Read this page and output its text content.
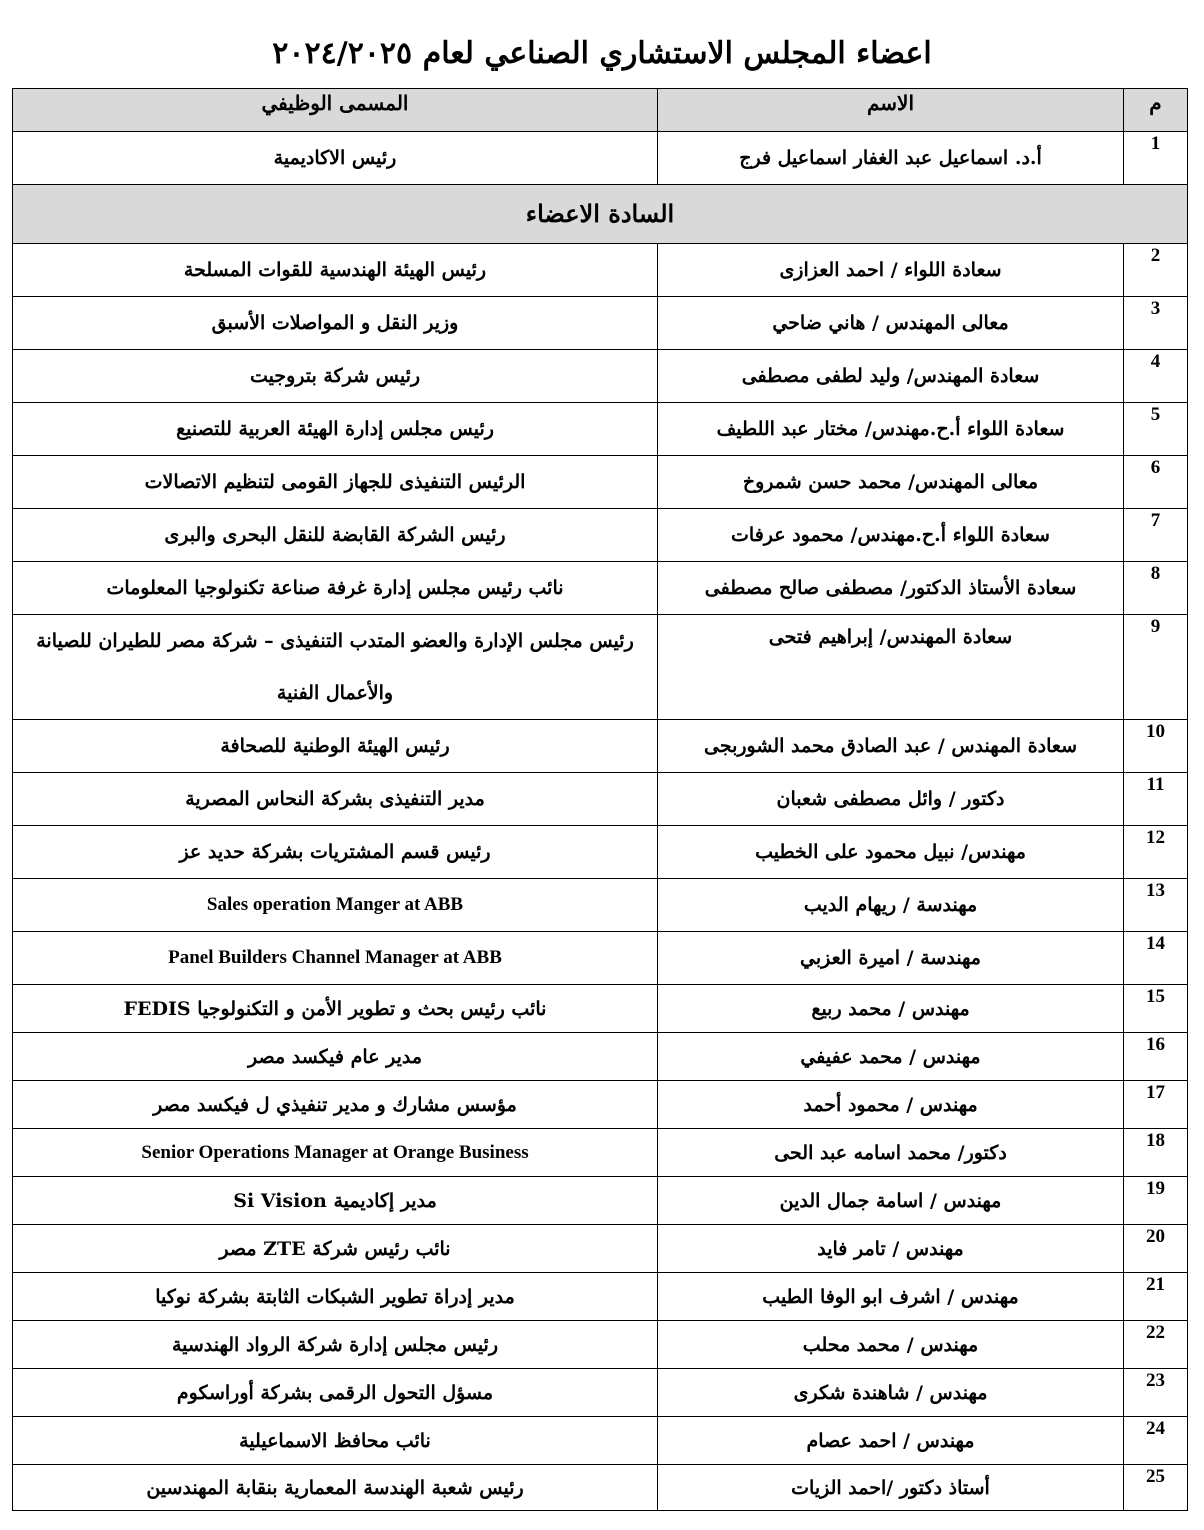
اعضاء المجلس الاستشاري الصناعي لعام ٢٠٢٤/٢٠٢٥
م	الاسم	المسمى الوظيفي
1	أ.د. اسماعيل عبد الغفار اسماعيل فرج	رئيس الاكاديمية
السادة الاعضاء		
2	سعادة اللواء / احمد العزازى	رئيس الهيئة الهندسية للقوات المسلحة
3	معالى المهندس / هاني ضاحي	وزير النقل و المواصلات الأسبق
4	سعادة المهندس/ وليد لطفى مصطفى	رئيس شركة بتروجيت
5	سعادة اللواء أ.ح.مهندس/ مختار عبد اللطيف	رئيس مجلس إدارة الهيئة العربية للتصنيع
6	معالى المهندس/ محمد حسن شمروخ	الرئيس التنفيذى للجهاز القومى لتنظيم الاتصالات
7	سعادة اللواء أ.ح.مهندس/ محمود عرفات	رئيس الشركة القابضة للنقل البحرى والبرى
8	سعادة الأستاذ الدكتور/ مصطفى صالح مصطفى	نائب رئيس مجلس إدارة غرفة صناعة تكنولوجيا المعلومات
9	سعادة المهندس/ إبراهيم فتحى	رئيس مجلس الإدارة والعضو المتدب التنفيذى – شركة مصر للطيران للصيانة والأعمال الفنية
10	سعادة المهندس / عبد الصادق محمد الشوربجى	رئيس الهيئة الوطنية للصحافة
11	دكتور / وائل مصطفى شعبان	مدير التنفيذى بشركة النحاس المصرية
12	مهندس/ نبيل محمود على الخطيب	رئيس قسم المشتريات بشركة حديد عز
13	مهندسة / ريهام الديب	Sales operation Manger at ABB
14	مهندسة / اميرة العزبي	Panel Builders Channel Manager at ABB
15	مهندس / محمد ربيع	نائب رئيس بحث و تطوير الأمن و التكنولوجيا FEDIS
16	مهندس / محمد عفيفي	مدير عام فيكسد مصر
17	مهندس / محمود أحمد	مؤسس مشارك و مدير تنفيذي ل فيكسد مصر
18	دكتور/ محمد اسامه عبد الحى	Senior Operations Manager at Orange Business
19	مهندس / اسامة جمال الدين	مدير إكاديمية Si Vision
20	مهندس / تامر فايد	نائب رئيس شركة ZTE مصر
21	مهندس / اشرف ابو الوفا الطيب	مدير إدراة تطوير الشبكات الثابتة بشركة نوكيا
22	مهندس / محمد محلب	رئيس مجلس إدارة شركة الرواد الهندسية
23	مهندس / شاهندة شكرى	مسؤل التحول الرقمى بشركة أوراسكوم
24	مهندس / احمد عصام	نائب محافظ الاسماعيلية
25	أستاذ دكتور /احمد الزيات	رئيس شعبة الهندسة المعمارية بنقابة المهندسين
